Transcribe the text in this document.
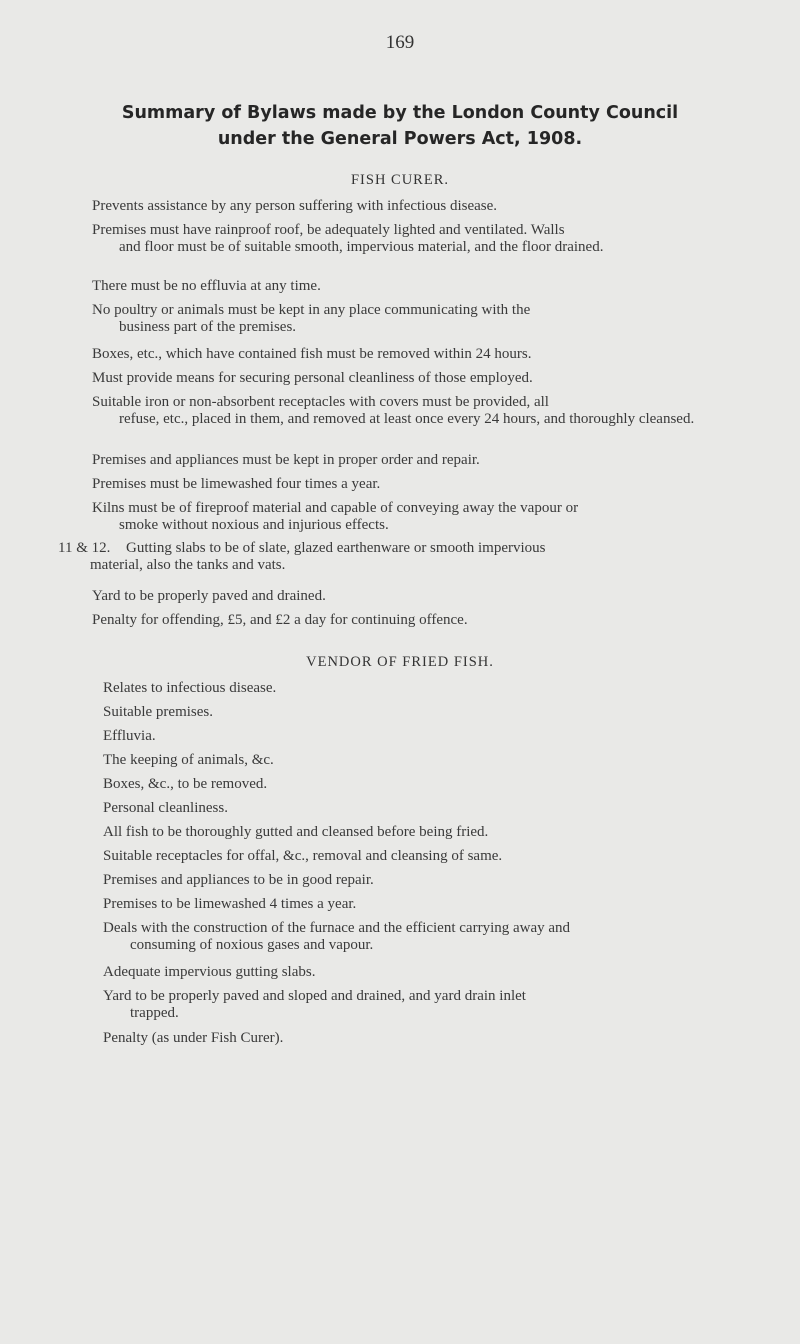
169
Summary of Bylaws made by the London County Council
under the General Powers Act, 1908.
FISH CURER.
Prevents assistance by any person suffering with infectious disease.
Premises must have rainproof roof, be adequately lighted and ventilated. Walls
and floor must be of suitable smooth, impervious material, and the floor drained.
There must be no effluvia at any time.
No poultry or animals must be kept in any place communicating with the
business part of the premises.
Boxes, etc., which have contained fish must be removed within 24 hours.
Must provide means for securing personal cleanliness of those employed.
Suitable iron or non-absorbent receptacles with covers must be provided, all
refuse, etc., placed in them, and removed at least once every 24 hours, and thoroughly cleansed.
Premises and appliances must be kept in proper order and repair.
Premises must be limewashed four times a year.
Kilns must be of fireproof material and capable of conveying away the vapour or
smoke without noxious and injurious effects.
11 & 12. Gutting slabs to be of slate, glazed earthenware or smooth impervious
material, also the tanks and vats.
Yard to be properly paved and drained.
Penalty for offending, £5, and £2 a day for continuing offence.
VENDOR OF FRIED FISH.
Relates to infectious disease.
Suitable premises.
Effluvia.
The keeping of animals, &c.
Boxes, &c., to be removed.
Personal cleanliness.
All fish to be thoroughly gutted and cleansed before being fried.
Suitable receptacles for offal, &c., removal and cleansing of same.
Premises and appliances to be in good repair.
Premises to be limewashed 4 times a year.
Deals with the construction of the furnace and the efficient carrying away and
consuming of noxious gases and vapour.
Adequate impervious gutting slabs.
Yard to be properly paved and sloped and drained, and yard drain inlet
trapped.
Penalty (as under Fish Curer).
